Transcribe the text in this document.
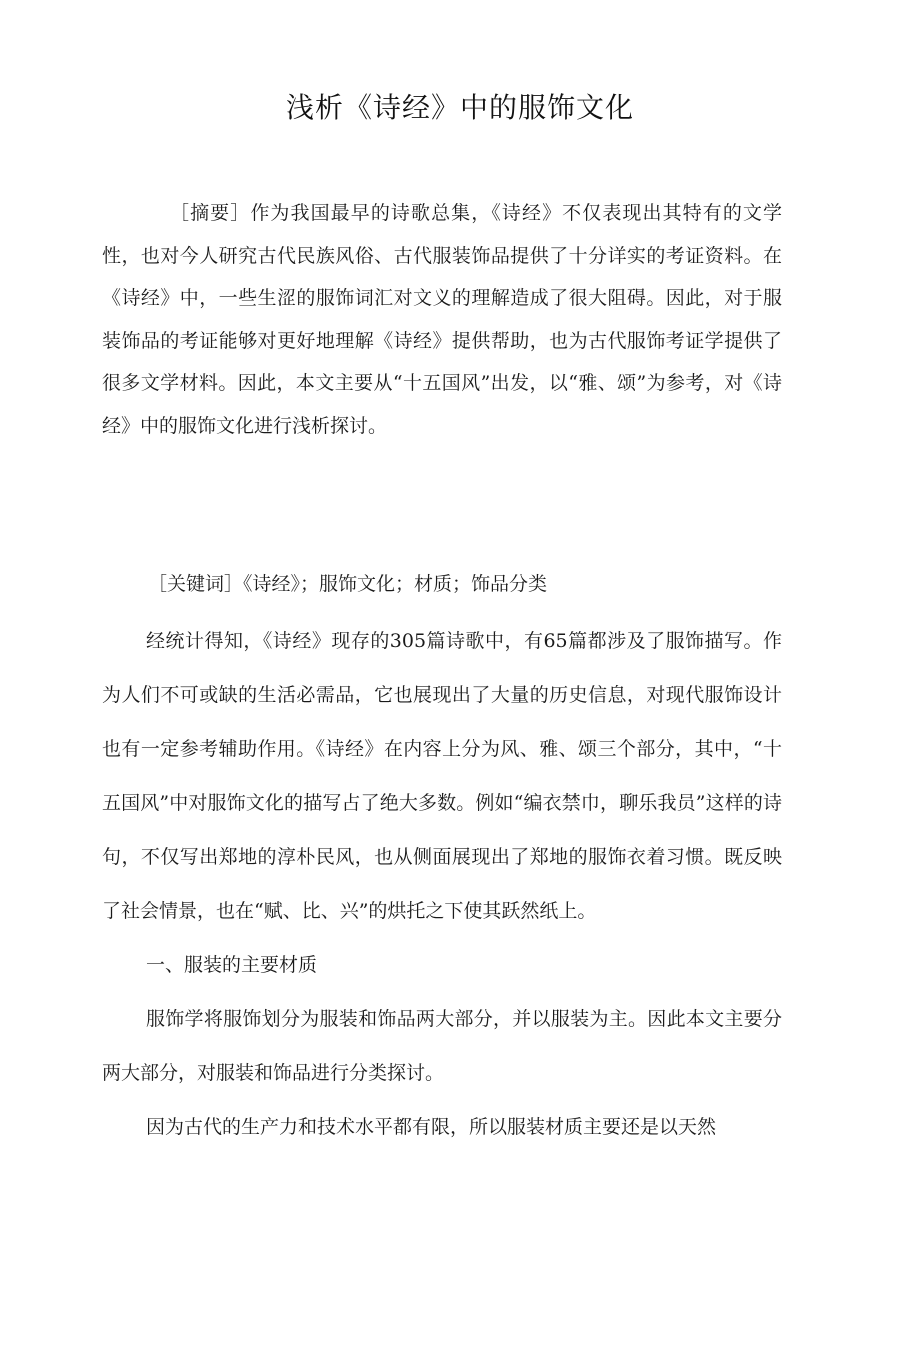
浅析《诗经》中的服饰文化

［摘要］作为我国最早的诗歌总集，《诗经》不仅表现出其特有的文学性，也对今人研究古代民族风俗、古代服装饰品提供了十分详实的考证资料。在《诗经》中，一些生涩的服饰词汇对文义的理解造成了很大阻碍。因此，对于服装饰品的考证能够对更好地理解《诗经》提供帮助，也为古代服饰考证学提供了很多文学材料。因此，本文主要从“十五国风”出发，以“雅、颂”为参考，对《诗经》中的服饰文化进行浅析探讨。

［关键词］《诗经》；服饰文化；材质；饰品分类

经统计得知，《诗经》现存的305篇诗歌中，有65篇都涉及了服饰描写。作为人们不可或缺的生活必需品，它也展现出了大量的历史信息，对现代服饰设计也有一定参考辅助作用。《诗经》在内容上分为风、雅、颂三个部分，其中，“十五国风”中对服饰文化的描写占了绝大多数。例如“编衣禁巾，聊乐我员”这样的诗句，不仅写出郑地的淳朴民风，也从侧面展现出了郑地的服饰衣着习惯。既反映了社会情景，也在“赋、比、兴”的烘托之下使其跃然纸上。

一、服装的主要材质

服饰学将服饰划分为服装和饰品两大部分，并以服装为主。因此本文主要分两大部分，对服装和饰品进行分类探讨。

因为古代的生产力和技术水平都有限，所以服装材质主要还是以天然
